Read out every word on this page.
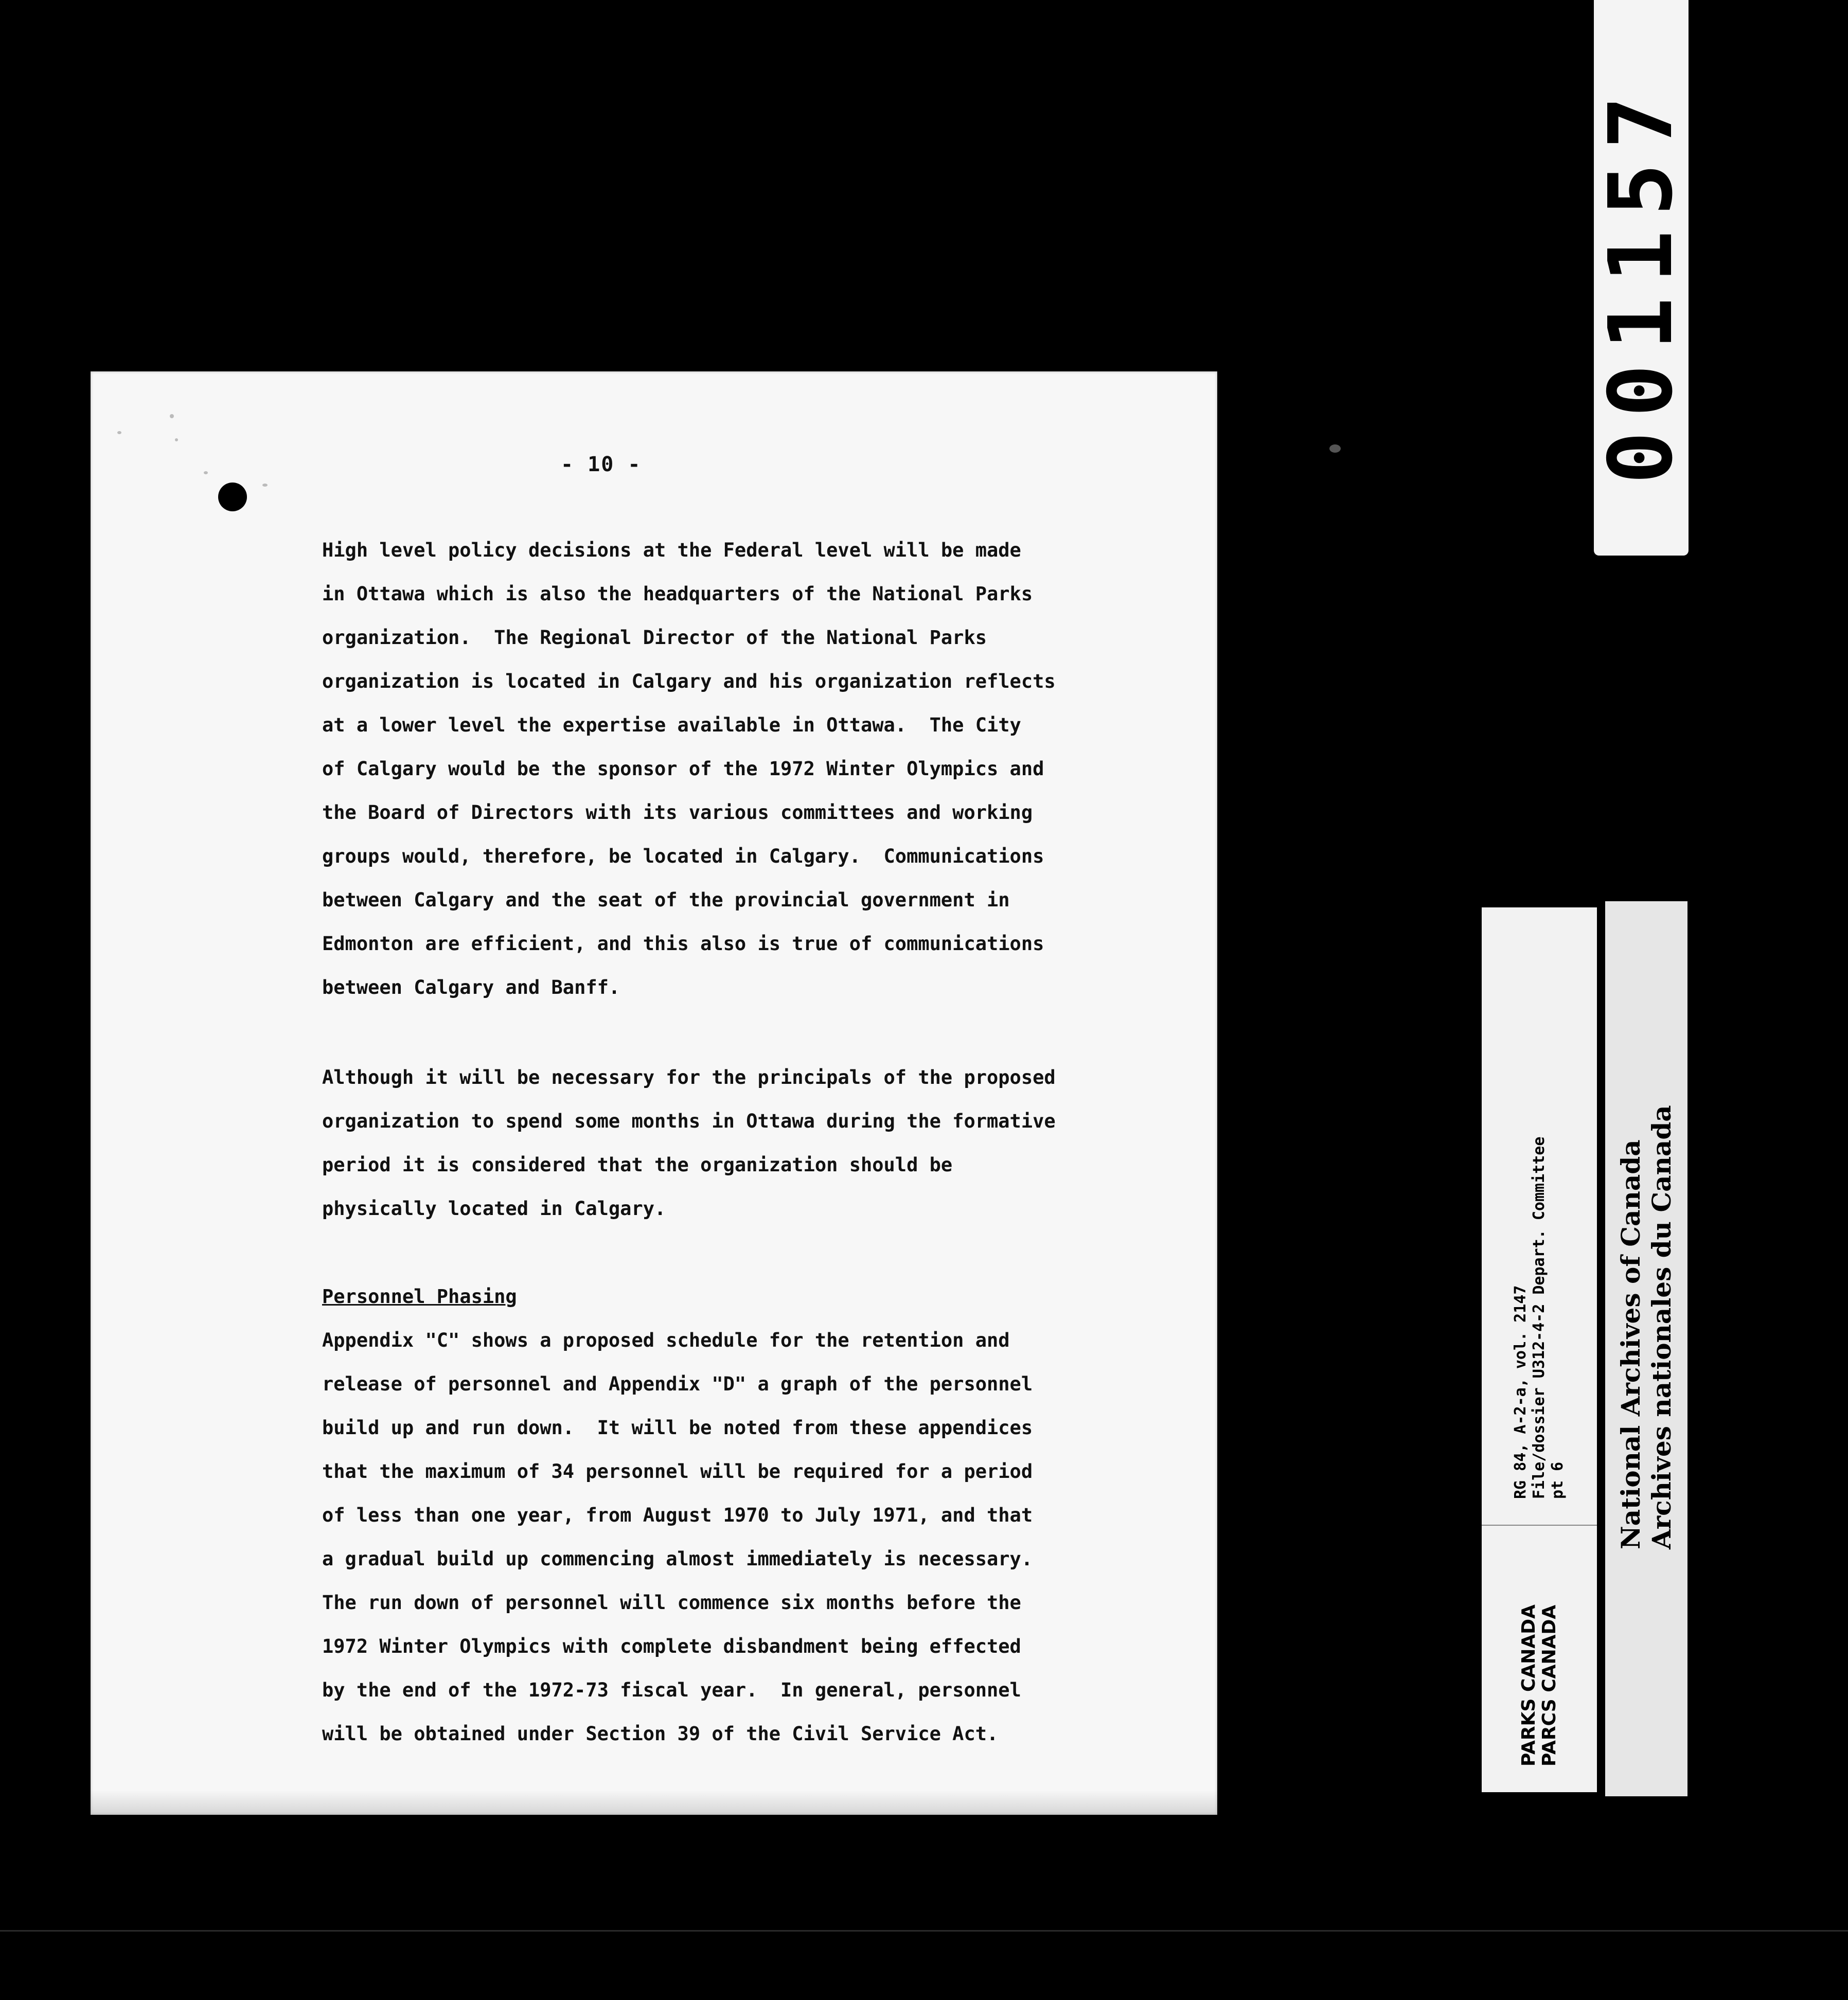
- 10 -
High level policy decisions at the Federal level will be made
in Ottawa which is also the headquarters of the National Parks
organization.  The Regional Director of the National Parks
organization is located in Calgary and his organization reflects
at a lower level the expertise available in Ottawa.  The City
of Calgary would be the sponsor of the 1972 Winter Olympics and
the Board of Directors with its various committees and working
groups would, therefore, be located in Calgary.  Communications
between Calgary and the seat of the provincial government in
Edmonton are efficient, and this also is true of communications
between Calgary and Banff.
Although it will be necessary for the principals of the proposed
organization to spend some months in Ottawa during the formative
period it is considered that the organization should be
physically located in Calgary.
Personnel Phasing
Appendix "C" shows a proposed schedule for the retention and
release of personnel and Appendix "D" a graph of the personnel
build up and run down.  It will be noted from these appendices
that the maximum of 34 personnel will be required for a period
of less than one year, from August 1970 to July 1971, and that
a gradual build up commencing almost immediately is necessary.
The run down of personnel will commence six months before the
1972 Winter Olympics with complete disbandment being effected
by the end of the 1972-73 fiscal year.  In general, personnel
will be obtained under Section 39 of the Civil Service Act.
001157
RG 84, A-2-a, vol. 2147 File/dossier U312-4-2 Depart. Committee pt 6
PARKS CANADA PARCS CANADA
National Archives of Canada Archives nationales du Canada
